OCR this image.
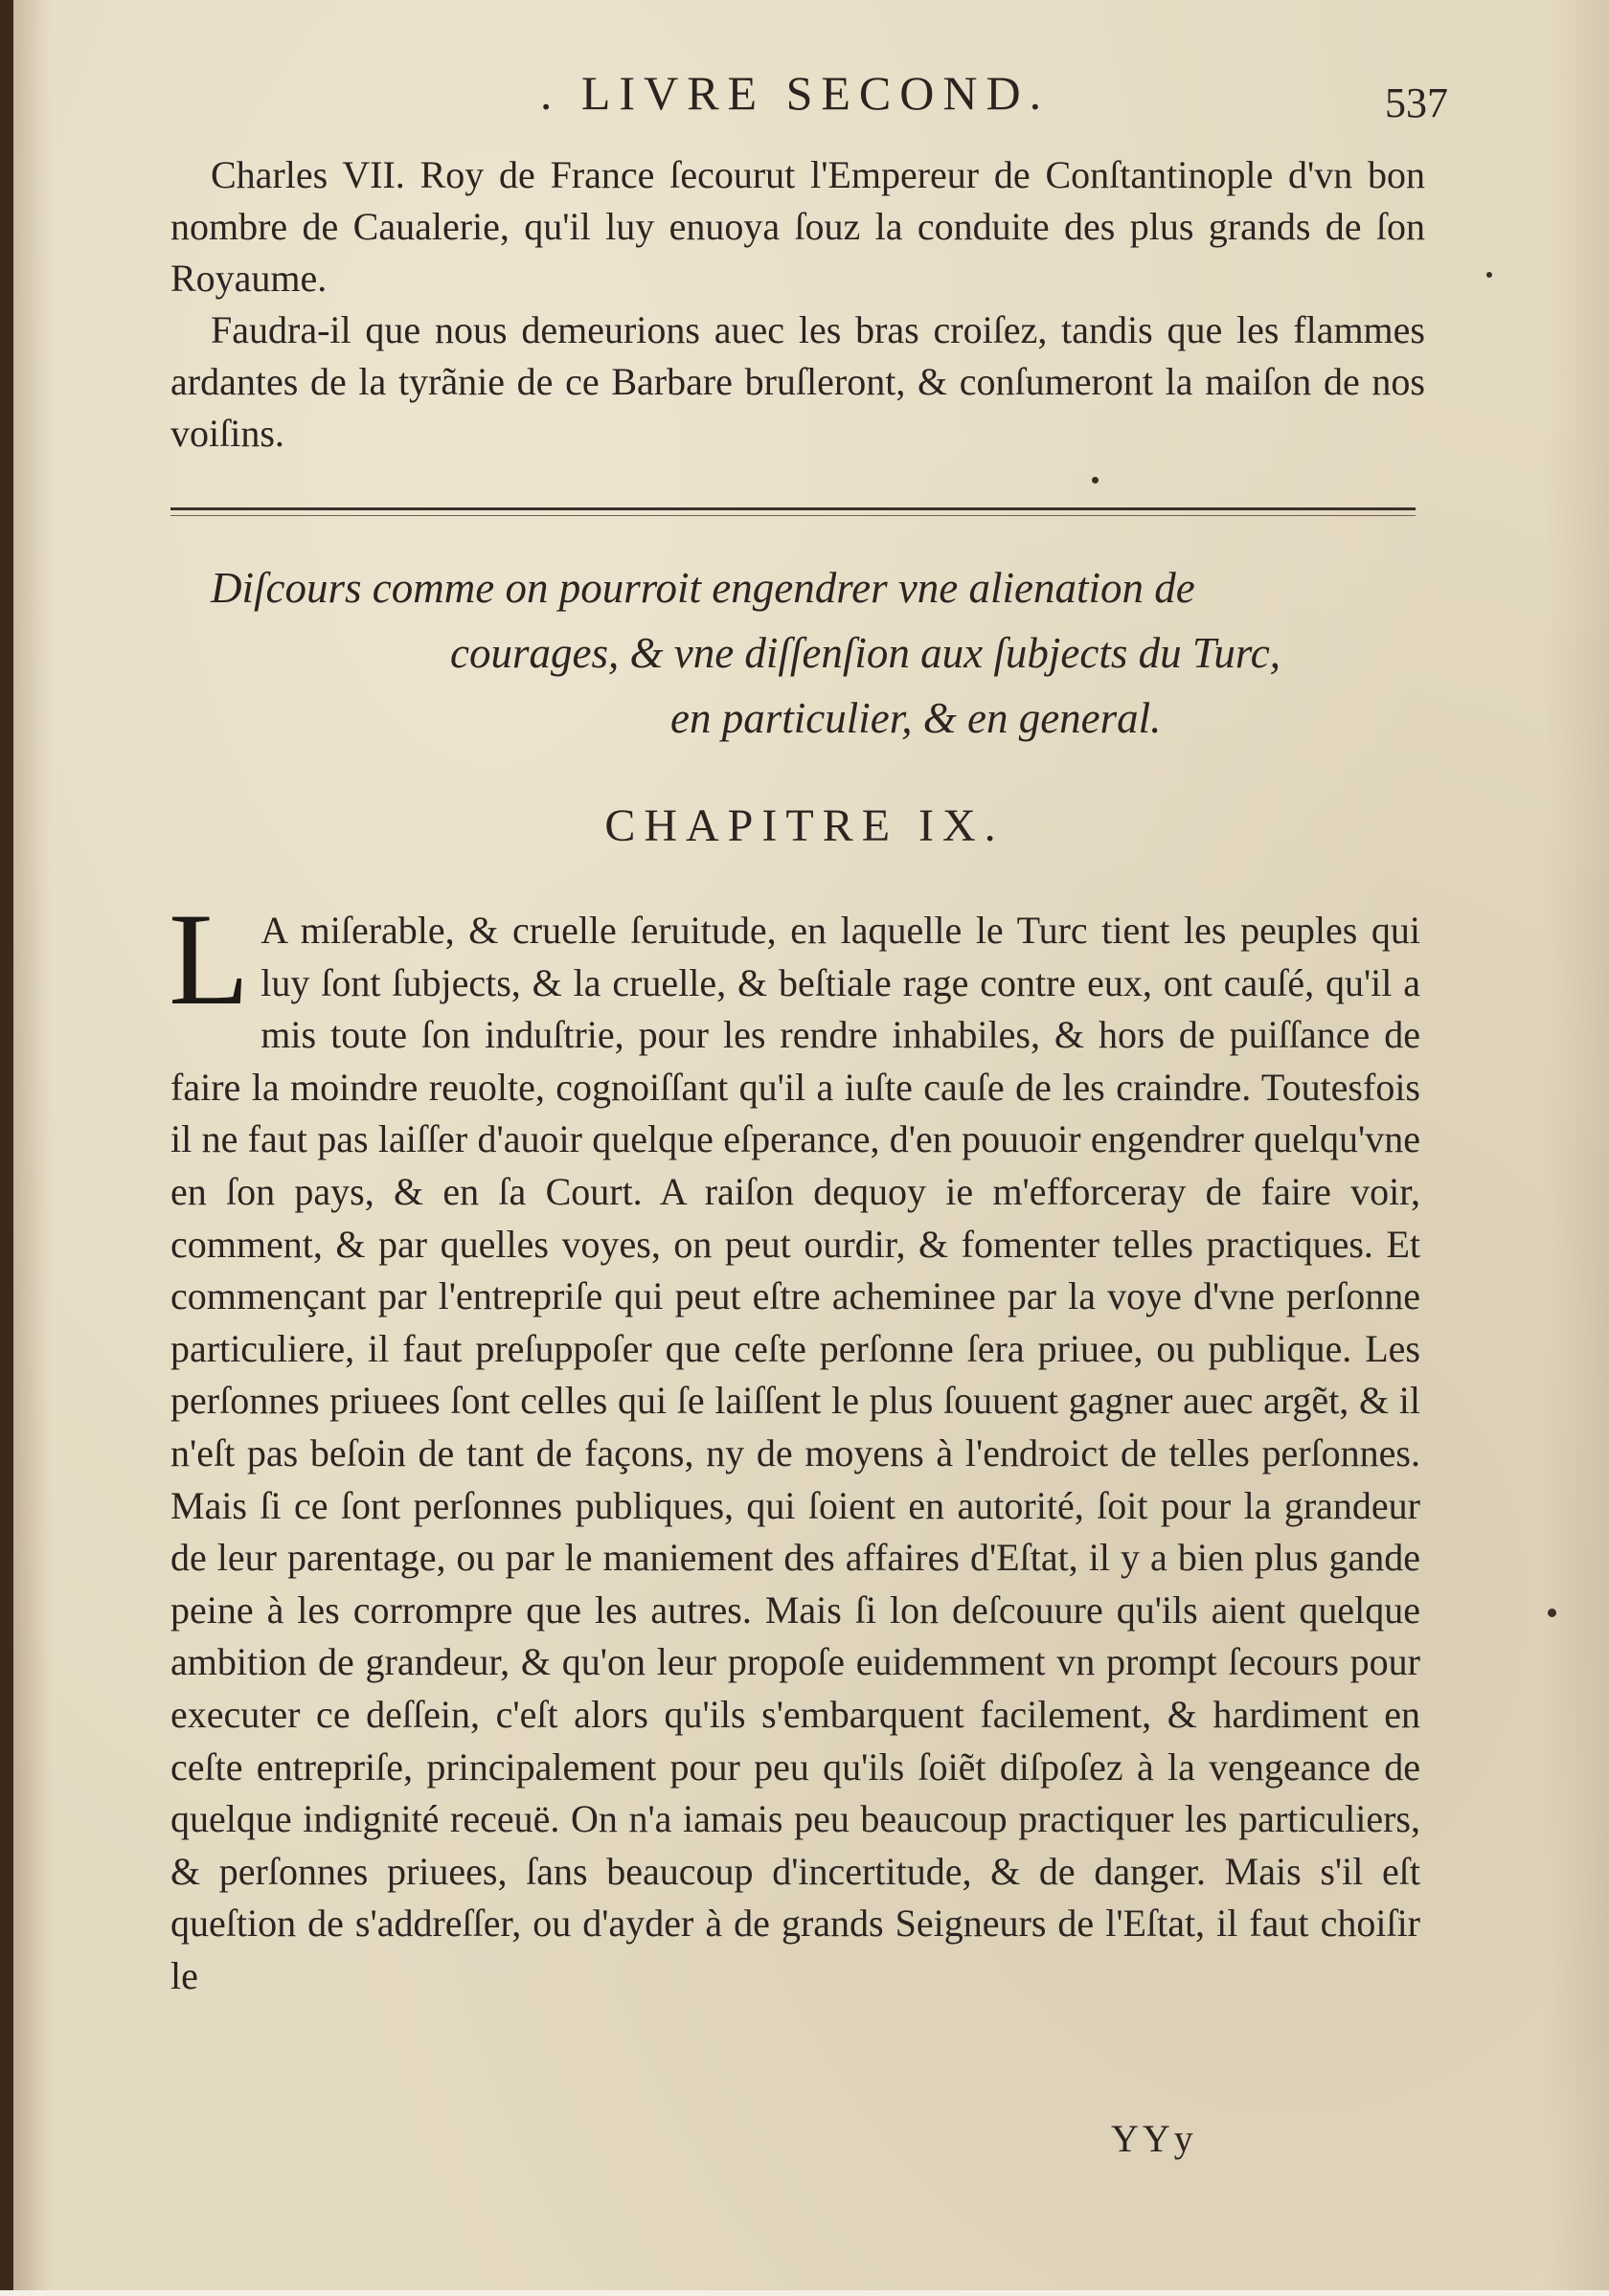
. LIVRE SECOND.	537

Charles VII. Roy de France ſecourut l'Empereur de Conſtantinople d'vn bon nombre de Caualerie, qu'il luy enuoya ſouz la conduite des plus grands de ſon Royaume.

Faudra-il que nous demeurions auec les bras croiſez, tandis que les flammes ardantes de la tyrãnie de ce Barbare bruſleront, & conſumeront la maiſon de nos voiſins.

Diſcours comme on pourroit engendrer vne alienation de
courages, & vne diſſenſion aux ſubjects du Turc,
en particulier, & en general.
CHAPITRE IX.

L A miſerable, & cruelle ſeruitude, en laquelle le Turc tient les peuples qui luy ſont ſubjects, & la cruelle, & beſtiale rage contre eux, ont cauſé, qu'il a mis toute ſon induſtrie, pour les rendre inhabiles, & hors de puiſſance de faire la moindre reuolte, cognoiſſant qu'il a iuſte cauſe de les craindre. Toutesfois il ne faut pas laiſſer d'auoir quelque eſperance, d'en pouuoir engendrer quelqu'vne en ſon pays, & en ſa Court. A raiſon dequoy ie m'efforceray de faire voir, comment, & par quelles voyes, on peut ourdir, & fomenter telles practiques. Et commençant par l'entrepriſe qui peut eſtre acheminee par la voye d'vne perſonne particuliere, il faut preſuppoſer que ceſte perſonne ſera priuee, ou publique. Les perſonnes priuees ſont celles qui ſe laiſſent le plus ſouuent gagner auec argẽt, & il n'eſt pas beſoin de tant de façons, ny de moyens à l'endroict de telles perſonnes. Mais ſi ce ſont perſonnes publiques, qui ſoient en autorité, ſoit pour la grandeur de leur parentage, ou par le maniement des affaires d'Eſtat, il y a bien plus gande peine à les corrompre que les autres. Mais ſi lon deſcouure qu'ils aient quelque ambition de grandeur, & qu'on leur propoſe euidemment vn prompt ſecours pour executer ce deſſein, c'eſt alors qu'ils s'embarquent facilement, & hardiment en ceſte entrepriſe, principalement pour peu qu'ils ſoiẽt diſpoſez à la vengeance de quelque indignité receuë. On n'a iamais peu beaucoup practiquer les particuliers, & perſonnes priuees, ſans beaucoup d'incertitude, & de danger. Mais s'il eſt queſtion de s'addreſſer, ou d'ayder à de grands Seigneurs de l'Eſtat, il faut choiſir le

YYy
